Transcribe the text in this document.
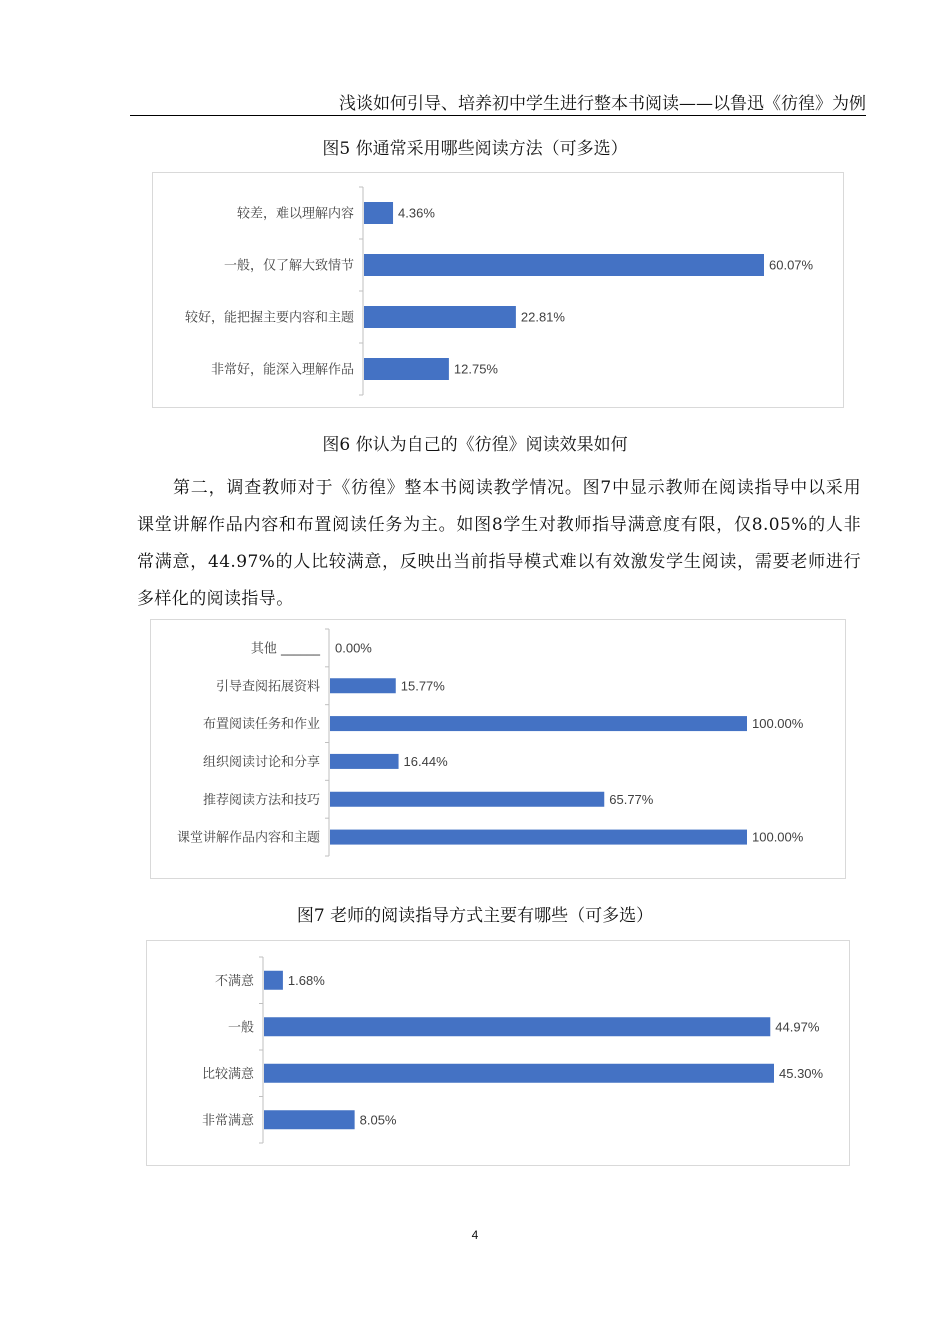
浅谈如何引导、培养初中学生进行整本书阅读——以鲁迅《彷徨》为例
图5 你通常采用哪些阅读方法（可多选）
较差，难以理解内容	4.36%
一般，仅了解大致情节	60.07%
较好，能把握主要内容和主题	22.81%
非常好，能深入理解作品	12.75%
图6 你认为自己的《彷徨》阅读效果如何

第二，调查教师对于《彷徨》整本书阅读教学情况。图7中显示教师在阅读指导中以采用课堂讲解作品内容和布置阅读任务为主。如图8学生对教师指导满意度有限，仅8.05%的人非常满意，44.97%的人比较满意，反映出当前指导模式难以有效激发学生阅读，需要老师进行多样化的阅读指导。

其他 ______ 0.00%
引导查阅拓展资料	15.77%
布置阅读任务和作业	100.00%
组织阅读讨论和分享	16.44%
推荐阅读方法和技巧	65.77%
课堂讲解作品内容和主题	100.00%
图7 老师的阅读指导方式主要有哪些（可多选）
不满意	1.68%
一般	44.97%
比较满意	45.30%
非常满意	8.05%
4
